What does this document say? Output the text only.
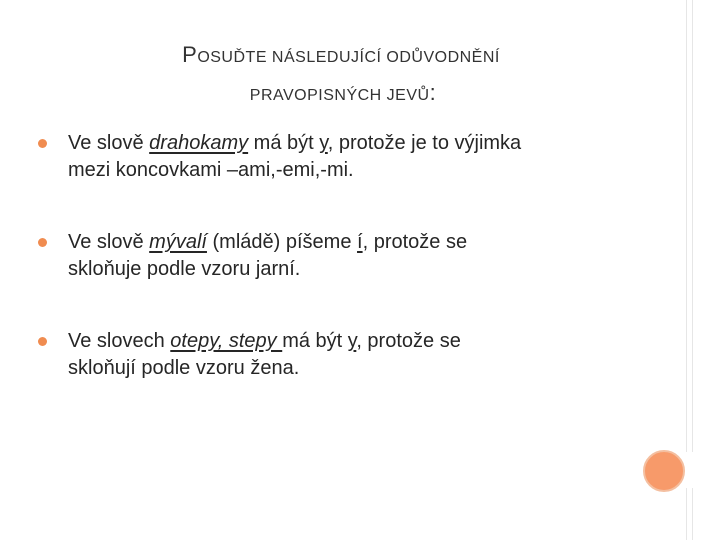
POSUĎTE NÁSLEDUJÍCÍ ODŮVODNĚNÍ
PRAVOPISNÝCH JEVŮ:
Ve slově drahokamy má být y, protože je to výjimka
mezi koncovkami –ami,-emi,-mi.
Ve slově mývalí (mládě) píšeme í, protože se
skloňuje podle vzoru jarní.
Ve slovech otepy, stepy má být y, protože se
skloňují podle vzoru žena.
